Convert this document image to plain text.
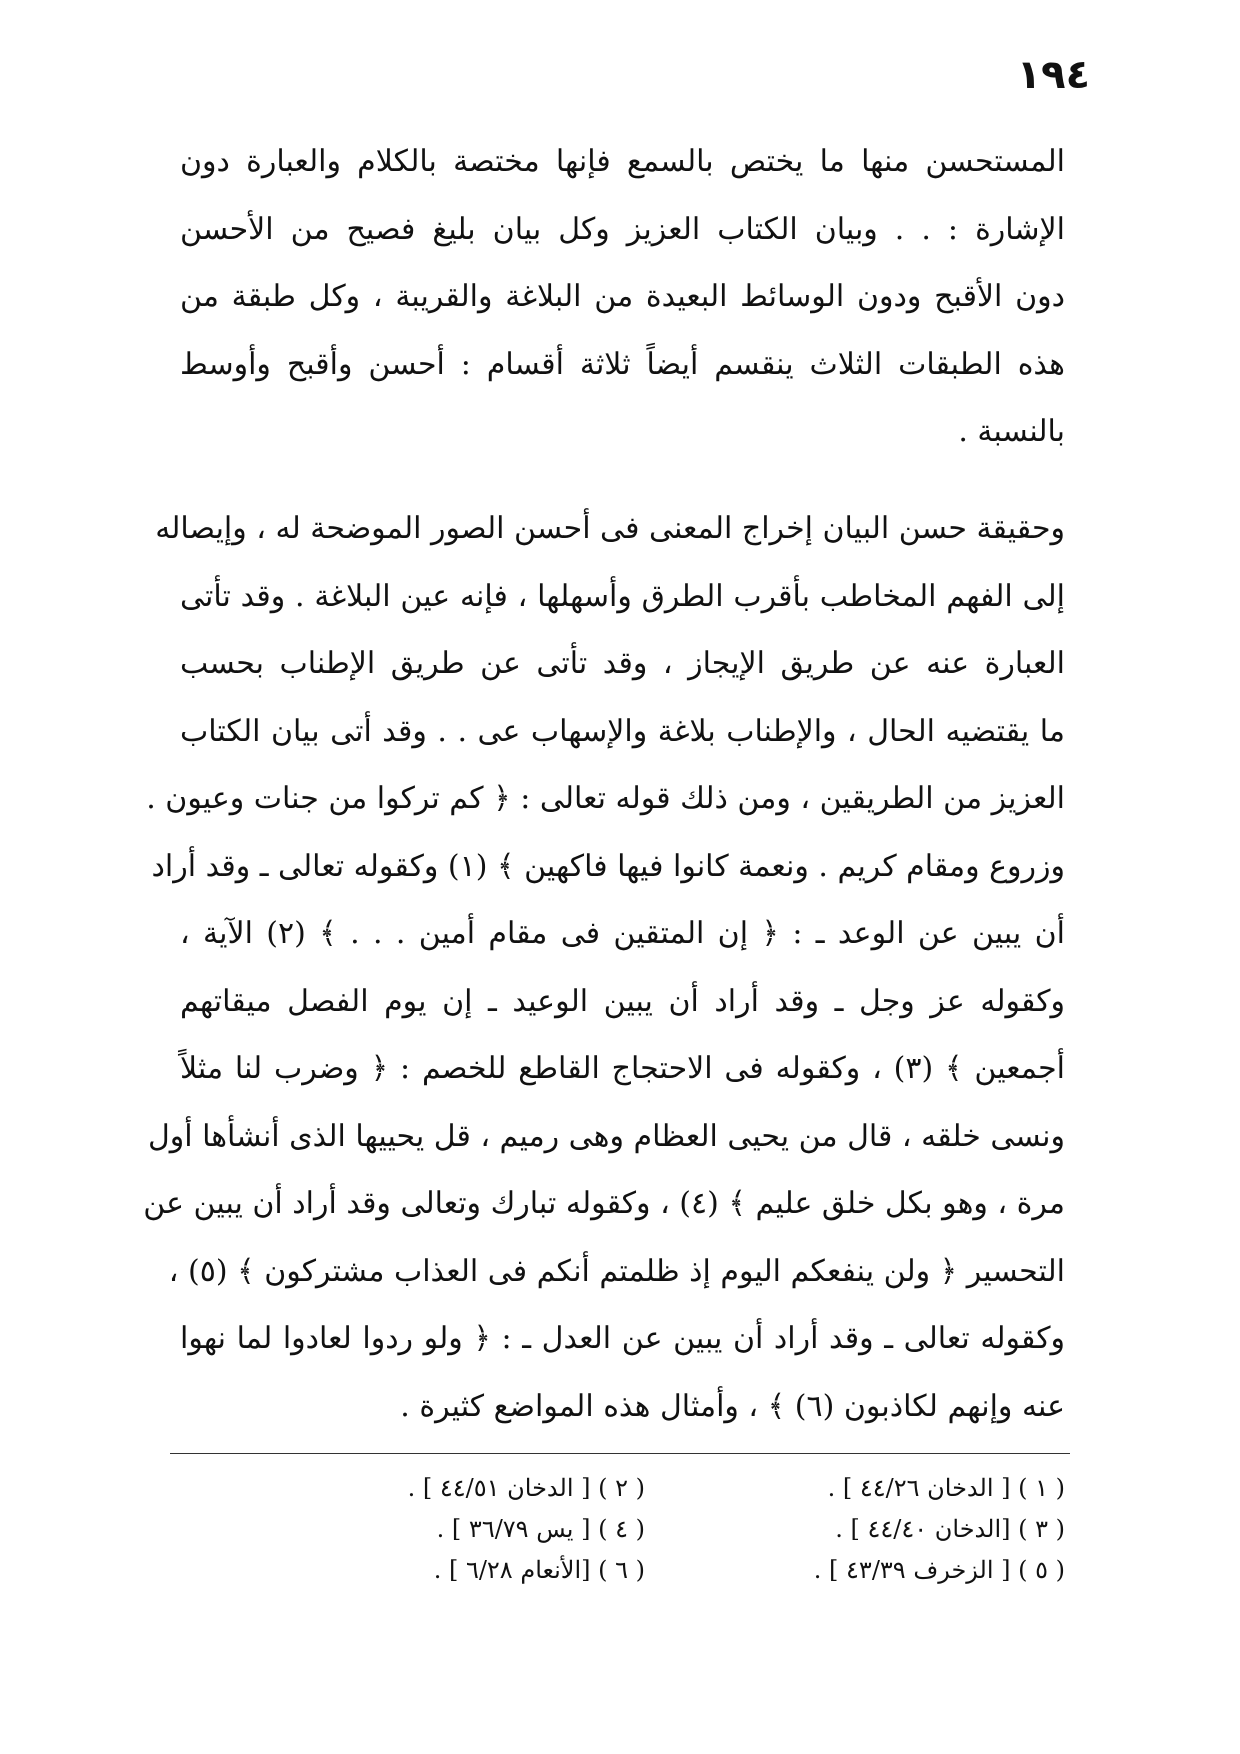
١٩٤
المستحسن منها ما يختص بالسمع فإنها مختصة بالكلام والعبارة دون
الإشارة : . . وبيان الكتاب العزيز وكل بيان بليغ فصيح من الأحسن
دون الأقبح ودون الوسائط البعيدة من البلاغة والقريبة ، وكل طبقة من
هذه الطبقات الثلاث ينقسم أيضاً ثلاثة أقسام : أحسن وأقبح وأوسط
بالنسبة .
وحقيقة حسن البيان إخراج المعنى فى أحسن الصور الموضحة له ، وإيصاله
إلى الفهم المخاطب بأقرب الطرق وأسهلها ، فإنه عين البلاغة . وقد تأتى
العبارة عنه عن طريق الإيجاز ، وقد تأتى عن طريق الإطناب بحسب
ما يقتضيه الحال ، والإطناب بلاغة والإسهاب عى . . وقد أتى بيان الكتاب
العزيز من الطريقين ، ومن ذلك قوله تعالى : ﴿ كم تركوا من جنات وعيون .
وزروع ومقام كريم . ونعمة كانوا فيها فاكهين ﴾ (١) وكقوله تعالى ـ وقد أراد
أن يبين عن الوعد ـ : ﴿ إن المتقين فى مقام أمين . . . ﴾ (٢) الآية ،
وكقوله عز وجل ـ وقد أراد أن يبين الوعيد ـ إن يوم الفصل ميقاتهم
أجمعين ﴾ (٣) ، وكقوله فى الاحتجاج القاطع للخصم : ﴿ وضرب لنا مثلاً
ونسى خلقه ، قال من يحيى العظام وهى رميم ، قل يحييها الذى أنشأها أول
مرة ، وهو بكل خلق عليم ﴾ (٤) ، وكقوله تبارك وتعالى وقد أراد أن يبين عن
التحسير ﴿ ولن ينفعكم اليوم إذ ظلمتم أنكم فى العذاب مشتركون ﴾ (٥) ،
وكقوله تعالى ـ وقد أراد أن يبين عن العدل ـ : ﴿ ولو ردوا لعادوا لما نهوا
عنه وإنهم لكاذبون (٦) ﴾ ، وأمثال هذه المواضع كثيرة .
( ١ ) [ الدخان ٤٤/٢٦ ] .
( ٢ ) [ الدخان ٤٤/٥١ ] .
( ٣ ) [الدخان ٤٤/٤٠ ] .
( ٤ ) [ يس ٣٦/٧٩ ] .
( ٥ ) [ الزخرف ٤٣/٣٩ ] .
( ٦ ) [الأنعام ٦/٢٨ ] .
